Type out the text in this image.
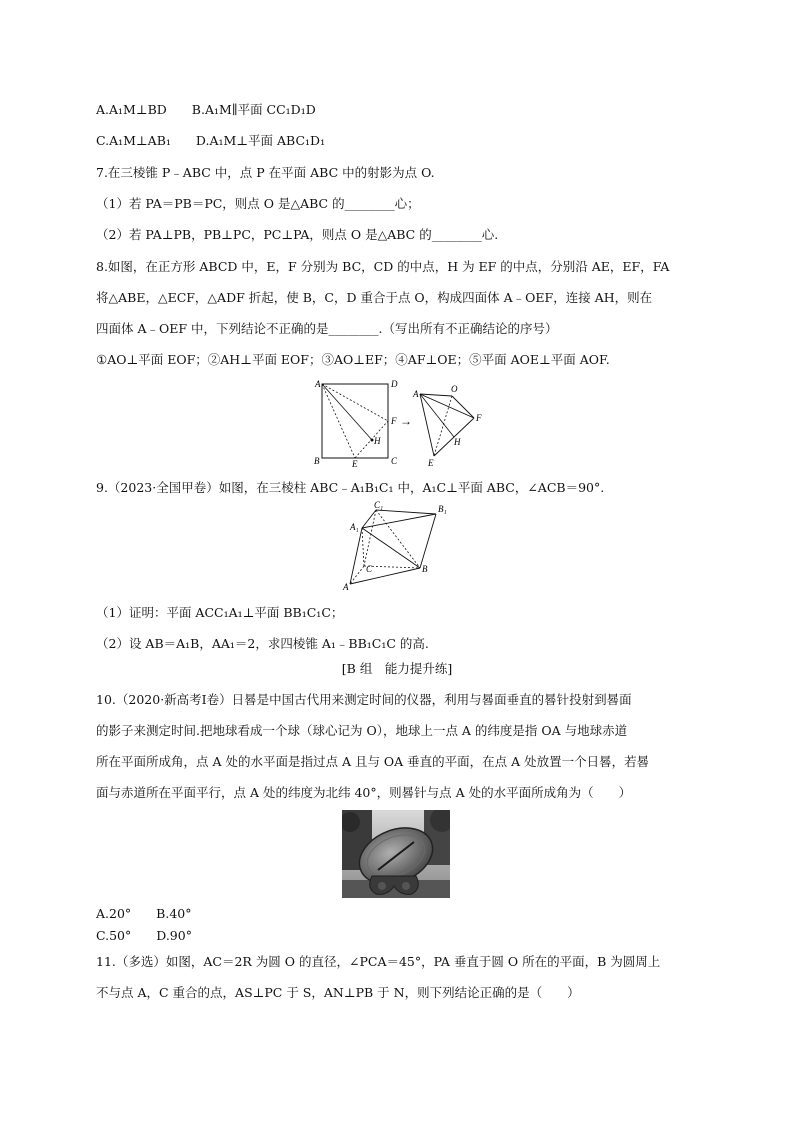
A.A₁M⊥BD　　B.A₁M∥平面 CC₁D₁D
C.A₁M⊥AB₁　　D.A₁M⊥平面 ABC₁D₁
7.在三棱锥 P﹣ABC 中，点 P 在平面 ABC 中的射影为点 O.
（1）若 PA＝PB＝PC，则点 O 是△ABC 的________心；
（2）若 PA⊥PB，PB⊥PC，PC⊥PA，则点 O 是△ABC 的________心.
8.如图，在正方形 ABCD 中，E，F 分别为 BC，CD 的中点，H 为 EF 的中点，分别沿 AE，EF，FA
将△ABE，△ECF，△ADF 折起，使 B，C，D 重合于点 O，构成四面体 A﹣OEF，连接 AH，则在
四面体 A﹣OEF 中，下列结论不正确的是________.（写出所有不正确结论的序号）
①AO⊥平面 EOF；②AH⊥平面 EOF；③AO⊥EF；④AF⊥OE；⑤平面 AOE⊥平面 AOF.
A	D
B	C
E
F
H
→
A	O
F
H
E
9.（2023·全国甲卷）如图，在三棱柱 ABC﹣A₁B₁C₁ 中，A₁C⊥平面 ABC，∠ACB＝90°.
C₁	B₁
A₁
C	B
A
（1）证明：平面 ACC₁A₁⊥平面 BB₁C₁C；
（2）设 AB＝A₁B，AA₁＝2，求四棱锥 A₁﹣BB₁C₁C 的高.
[B 组　能力提升练]
10.（2020·新高考Ⅰ卷）日晷是中国古代用来测定时间的仪器，利用与晷面垂直的晷针投射到晷面
的影子来测定时间.把地球看成一个球（球心记为 O），地球上一点 A 的纬度是指 OA 与地球赤道
所在平面所成角，点 A 处的水平面是指过点 A 且与 OA 垂直的平面，在点 A 处放置一个日晷，若晷
面与赤道所在平面平行，点 A 处的纬度为北纬 40°，则晷针与点 A 处的水平面所成角为（　　）
A.20°　　B.40°
C.50°　　D.90°
11.（多选）如图，AC＝2R 为圆 O 的直径，∠PCA＝45°，PA 垂直于圆 O 所在的平面，B 为圆周上
不与点 A，C 重合的点，AS⊥PC 于 S，AN⊥PB 于 N，则下列结论正确的是（　　）
